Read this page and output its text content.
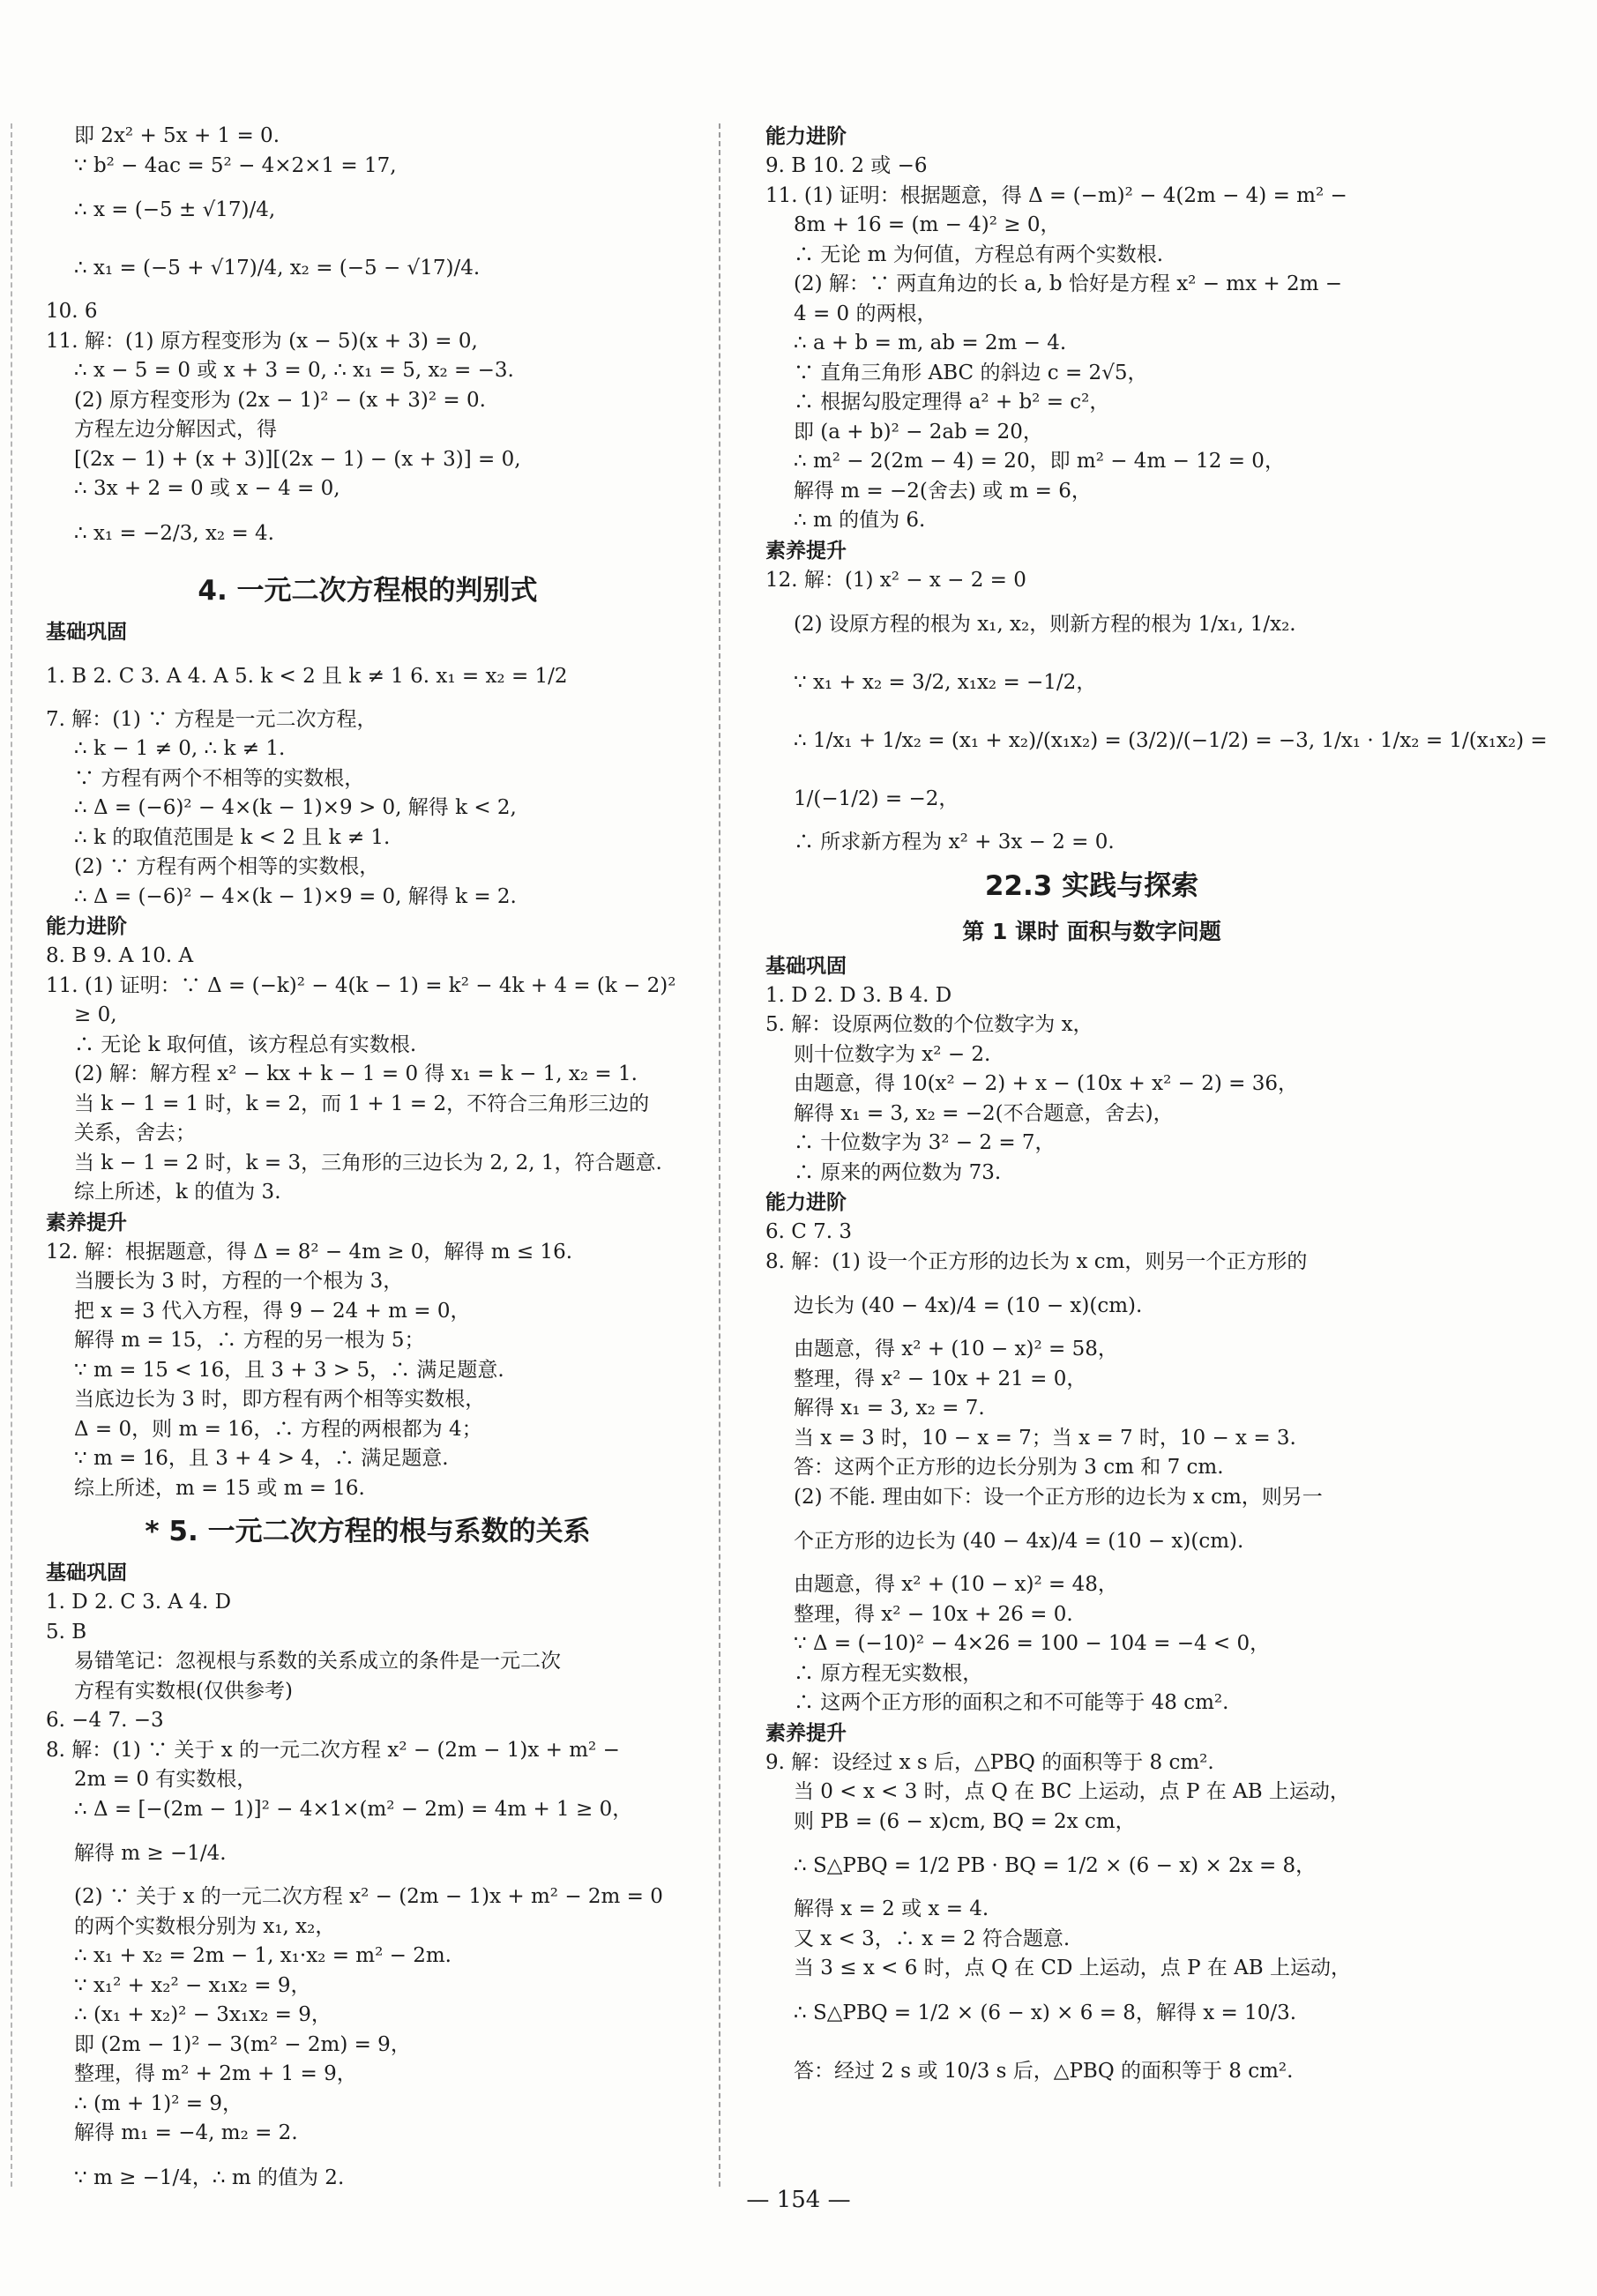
即 2x² + 5x + 1 = 0.
∵ b² − 4ac = 5² − 4×2×1 = 17,
∴ x = (−5 ± √17)/4,
∴ x₁ = (−5 + √17)/4, x₂ = (−5 − √17)/4.
10. 6
11. 解：(1) 原方程变形为 (x − 5)(x + 3) = 0,
∴ x − 5 = 0 或 x + 3 = 0, ∴ x₁ = 5, x₂ = −3.
(2) 原方程变形为 (2x − 1)² − (x + 3)² = 0.
方程左边分解因式，得
[(2x − 1) + (x + 3)][(2x − 1) − (x + 3)] = 0,
∴ 3x + 2 = 0 或 x − 4 = 0,
∴ x₁ = −2/3, x₂ = 4.
4. 一元二次方程根的判别式
基础巩固
1. B 2. C 3. A 4. A 5. k < 2 且 k ≠ 1 6. x₁ = x₂ = 1/2
7. 解：(1) ∵ 方程是一元二次方程，
∴ k − 1 ≠ 0, ∴ k ≠ 1.
∵ 方程有两个不相等的实数根，
∴ Δ = (−6)² − 4×(k − 1)×9 > 0, 解得 k < 2,
∴ k 的取值范围是 k < 2 且 k ≠ 1.
(2) ∵ 方程有两个相等的实数根，
∴ Δ = (−6)² − 4×(k − 1)×9 = 0, 解得 k = 2.
能力进阶
8. B 9. A 10. A
11. (1) 证明：∵ Δ = (−k)² − 4(k − 1) = k² − 4k + 4 = (k − 2)²
≥ 0,
∴ 无论 k 取何值，该方程总有实数根.
(2) 解：解方程 x² − kx + k − 1 = 0 得 x₁ = k − 1, x₂ = 1.
当 k − 1 = 1 时，k = 2，而 1 + 1 = 2，不符合三角形三边的
关系，舍去；
当 k − 1 = 2 时，k = 3，三角形的三边长为 2, 2, 1，符合题意.
综上所述，k 的值为 3.
素养提升
12. 解：根据题意，得 Δ = 8² − 4m ≥ 0，解得 m ≤ 16.
当腰长为 3 时，方程的一个根为 3，
把 x = 3 代入方程，得 9 − 24 + m = 0，
解得 m = 15，∴ 方程的另一根为 5；
∵ m = 15 < 16，且 3 + 3 > 5，∴ 满足题意.
当底边长为 3 时，即方程有两个相等实数根，
Δ = 0，则 m = 16，∴ 方程的两根都为 4；
∵ m = 16，且 3 + 4 > 4，∴ 满足题意.
综上所述，m = 15 或 m = 16.
* 5. 一元二次方程的根与系数的关系
基础巩固
1. D 2. C 3. A 4. D
5. B
易错笔记：忽视根与系数的关系成立的条件是一元二次
方程有实数根(仅供参考)
6. −4 7. −3
8. 解：(1) ∵ 关于 x 的一元二次方程 x² − (2m − 1)x + m² −
2m = 0 有实数根，
∴ Δ = [−(2m − 1)]² − 4×1×(m² − 2m) = 4m + 1 ≥ 0，
解得 m ≥ −1/4.
(2) ∵ 关于 x 的一元二次方程 x² − (2m − 1)x + m² − 2m = 0
的两个实数根分别为 x₁, x₂，
∴ x₁ + x₂ = 2m − 1, x₁·x₂ = m² − 2m.
∵ x₁² + x₂² − x₁x₂ = 9，
∴ (x₁ + x₂)² − 3x₁x₂ = 9，
即 (2m − 1)² − 3(m² − 2m) = 9，
整理，得 m² + 2m + 1 = 9，
∴ (m + 1)² = 9，
解得 m₁ = −4, m₂ = 2.
∵ m ≥ −1/4，∴ m 的值为 2.
能力进阶
9. B 10. 2 或 −6
11. (1) 证明：根据题意，得 Δ = (−m)² − 4(2m − 4) = m² −
8m + 16 = (m − 4)² ≥ 0，
∴ 无论 m 为何值，方程总有两个实数根.
(2) 解：∵ 两直角边的长 a, b 恰好是方程 x² − mx + 2m −
4 = 0 的两根，
∴ a + b = m, ab = 2m − 4.
∵ 直角三角形 ABC 的斜边 c = 2√5，
∴ 根据勾股定理得 a² + b² = c²，
即 (a + b)² − 2ab = 20，
∴ m² − 2(2m − 4) = 20，即 m² − 4m − 12 = 0，
解得 m = −2(舍去) 或 m = 6，
∴ m 的值为 6.
素养提升
12. 解：(1) x² − x − 2 = 0
(2) 设原方程的根为 x₁, x₂，则新方程的根为 1/x₁, 1/x₂.
∵ x₁ + x₂ = 3/2, x₁x₂ = −1/2，
∴ 1/x₁ + 1/x₂ = (x₁ + x₂)/(x₁x₂) = (3/2)/(−1/2) = −3, 1/x₁ · 1/x₂ = 1/(x₁x₂) =
1/(−1/2) = −2，
∴ 所求新方程为 x² + 3x − 2 = 0.
22.3 实践与探索
第 1 课时 面积与数字问题
基础巩固
1. D 2. D 3. B 4. D
5. 解：设原两位数的个位数字为 x，
则十位数字为 x² − 2.
由题意，得 10(x² − 2) + x − (10x + x² − 2) = 36，
解得 x₁ = 3, x₂ = −2(不合题意，舍去)，
∴ 十位数字为 3² − 2 = 7，
∴ 原来的两位数为 73.
能力进阶
6. C 7. 3
8. 解：(1) 设一个正方形的边长为 x cm，则另一个正方形的
边长为 (40 − 4x)/4 = (10 − x)(cm).
由题意，得 x² + (10 − x)² = 58，
整理，得 x² − 10x + 21 = 0，
解得 x₁ = 3, x₂ = 7.
当 x = 3 时，10 − x = 7；当 x = 7 时，10 − x = 3.
答：这两个正方形的边长分别为 3 cm 和 7 cm.
(2) 不能. 理由如下：设一个正方形的边长为 x cm，则另一
个正方形的边长为 (40 − 4x)/4 = (10 − x)(cm).
由题意，得 x² + (10 − x)² = 48，
整理，得 x² − 10x + 26 = 0.
∵ Δ = (−10)² − 4×26 = 100 − 104 = −4 < 0，
∴ 原方程无实数根，
∴ 这两个正方形的面积之和不可能等于 48 cm².
素养提升
9. 解：设经过 x s 后，△PBQ 的面积等于 8 cm².
当 0 < x < 3 时，点 Q 在 BC 上运动，点 P 在 AB 上运动，
则 PB = (6 − x)cm, BQ = 2x cm，
∴ S△PBQ = 1/2 PB · BQ = 1/2 × (6 − x) × 2x = 8，
解得 x = 2 或 x = 4.
又 x < 3，∴ x = 2 符合题意.
当 3 ≤ x < 6 时，点 Q 在 CD 上运动，点 P 在 AB 上运动，
∴ S△PBQ = 1/2 × (6 − x) × 6 = 8，解得 x = 10/3.
答：经过 2 s 或 10/3 s 后，△PBQ 的面积等于 8 cm².
— 154 —
